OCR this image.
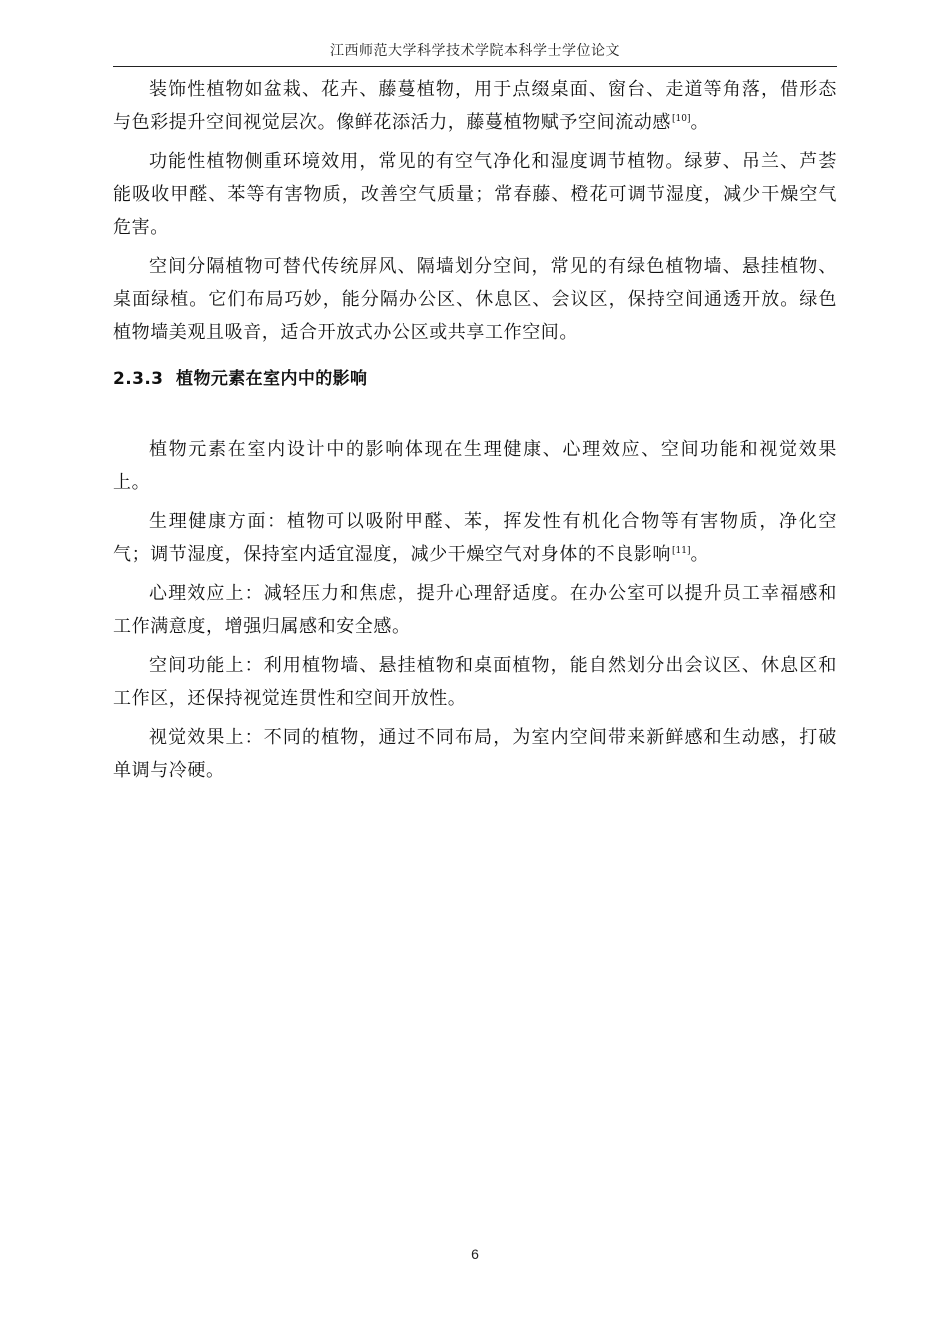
江西师范大学科学技术学院本科学士学位论文

装饰性植物如盆栽、花卉、藤蔓植物，用于点缀桌面、窗台、走道等角落，借形态与色彩提升空间视觉层次。像鲜花添活力，藤蔓植物赋予空间流动感[10]。

功能性植物侧重环境效用，常见的有空气净化和湿度调节植物。绿萝、吊兰、芦荟能吸收甲醛、苯等有害物质，改善空气质量；常春藤、橙花可调节湿度，减少干燥空气危害。

空间分隔植物可替代传统屏风、隔墙划分空间，常见的有绿色植物墙、悬挂植物、桌面绿植。它们布局巧妙，能分隔办公区、休息区、会议区，保持空间通透开放。绿色植物墙美观且吸音，适合开放式办公区或共享工作空间。

2.3.3 植物元素在室内中的影响

植物元素在室内设计中的影响体现在生理健康、心理效应、空间功能和视觉效果上。

生理健康方面：植物可以吸附甲醛、苯，挥发性有机化合物等有害物质，净化空气；调节湿度，保持室内适宜湿度，减少干燥空气对身体的不良影响[11]。

心理效应上：减轻压力和焦虑，提升心理舒适度。在办公室可以提升员工幸福感和工作满意度，增强归属感和安全感。

空间功能上：利用植物墙、悬挂植物和桌面植物，能自然划分出会议区、休息区和工作区，还保持视觉连贯性和空间开放性。

视觉效果上：不同的植物，通过不同布局，为室内空间带来新鲜感和生动感，打破单调与冷硬。

6
